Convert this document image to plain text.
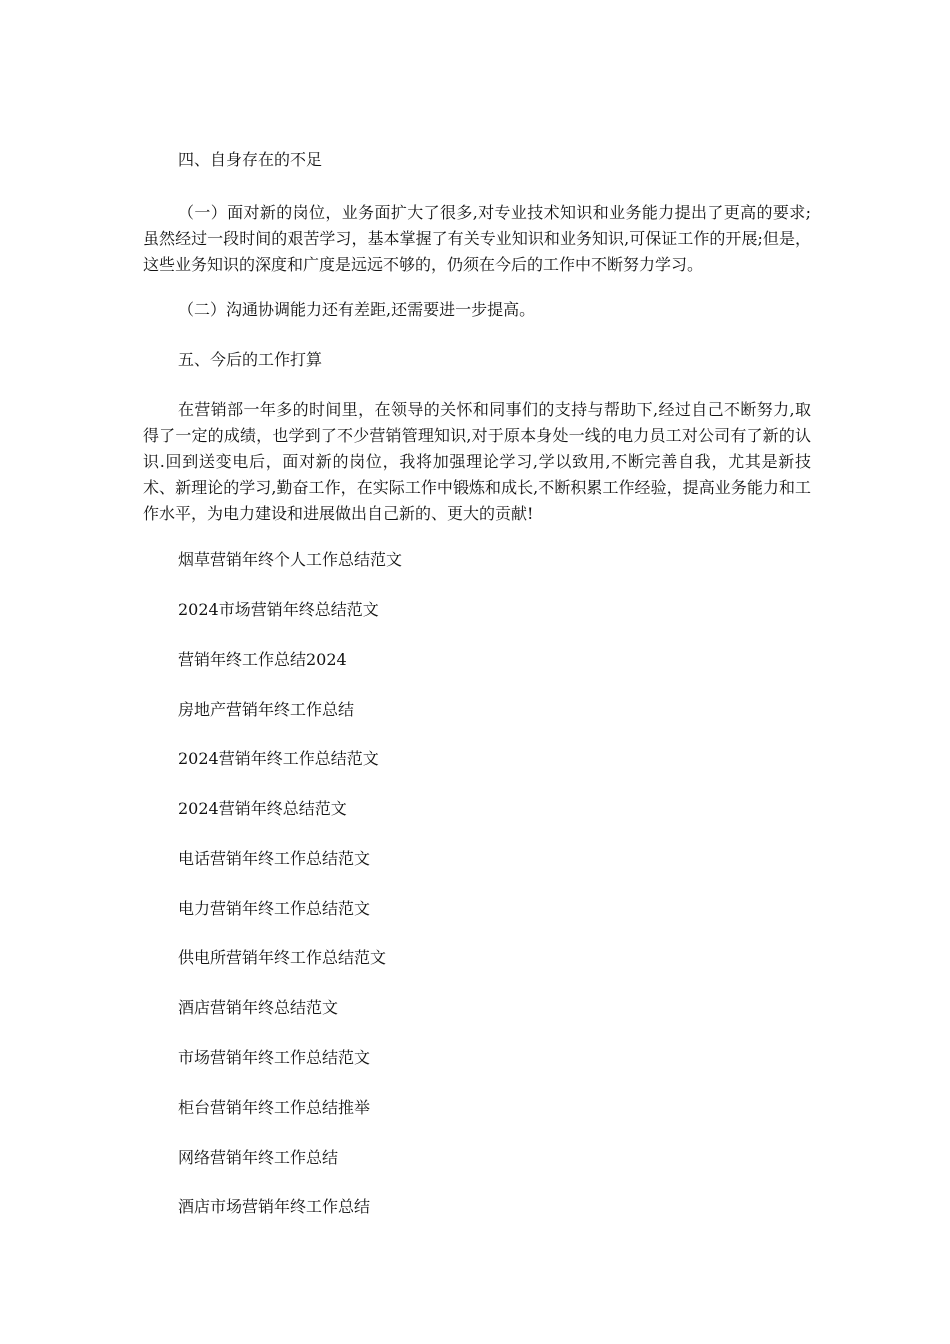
四、自身存在的不足
（一）面对新的岗位，业务面扩大了很多,对专业技术知识和业务能力提出了更高的要求;虽然经过一段时间的艰苦学习，基本掌握了有关专业知识和业务知识,可保证工作的开展;但是，这些业务知识的深度和广度是远远不够的，仍须在今后的工作中不断努力学习。
（二）沟通协调能力还有差距,还需要进一步提高。
五、今后的工作打算
在营销部一年多的时间里，在领导的关怀和同事们的支持与帮助下,经过自己不断努力,取得了一定的成绩，也学到了不少营销管理知识,对于原本身处一线的电力员工对公司有了新的认识.回到送变电后，面对新的岗位，我将加强理论学习,学以致用,不断完善自我，尤其是新技术、新理论的学习,勤奋工作，在实际工作中锻炼和成长,不断积累工作经验，提高业务能力和工作水平，为电力建设和进展做出自己新的、更大的贡献!
烟草营销年终个人工作总结范文
2024市场营销年终总结范文
营销年终工作总结2024
房地产营销年终工作总结
2024营销年终工作总结范文
2024营销年终总结范文
电话营销年终工作总结范文
电力营销年终工作总结范文
供电所营销年终工作总结范文
酒店营销年终总结范文
市场营销年终工作总结范文
柜台营销年终工作总结推举
网络营销年终工作总结
酒店市场营销年终工作总结
